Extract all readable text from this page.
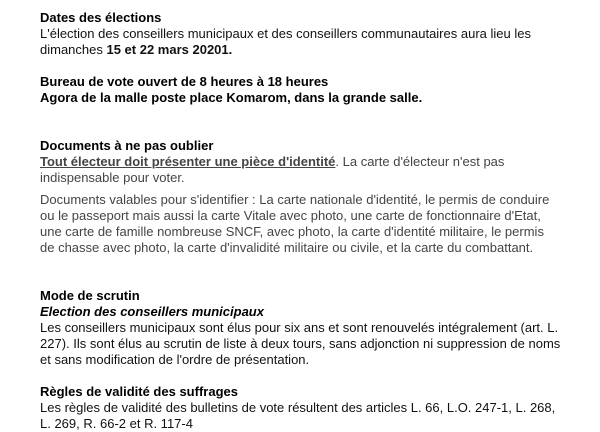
Dates des élections

L'élection des conseillers municipaux et des conseillers communautaires aura lieu les

dimanches 15 et 22 mars 20201.

Bureau de vote ouvert de 8 heures à 18 heures

Agora de la malle poste place Komarom, dans la grande salle.

Documents à ne pas oublier

Tout électeur doit présenter une pièce d'identité. La carte d'électeur n'est pas

indispensable pour voter.

Documents valables pour s'identifier : La carte nationale d'identité, le permis de conduire

ou le passeport mais aussi la carte Vitale avec photo, une carte de fonctionnaire d'Etat,

une carte de famille nombreuse SNCF, avec photo, la carte d'identité militaire, le permis

de chasse avec photo, la carte d'invalidité militaire ou civile, et la carte du combattant.

Mode de scrutin

Election des conseillers municipaux

Les conseillers municipaux sont élus pour six ans et sont renouvelés intégralement (art. L.

227). Ils sont élus au scrutin de liste à deux tours, sans adjonction ni suppression de noms

et sans modification de l'ordre de présentation.

Règles de validité des suffrages

Les règles de validité des bulletins de vote résultent des articles L. 66, L.O. 247-1, L. 268,

L. 269, R. 66-2 et R. 117-4
